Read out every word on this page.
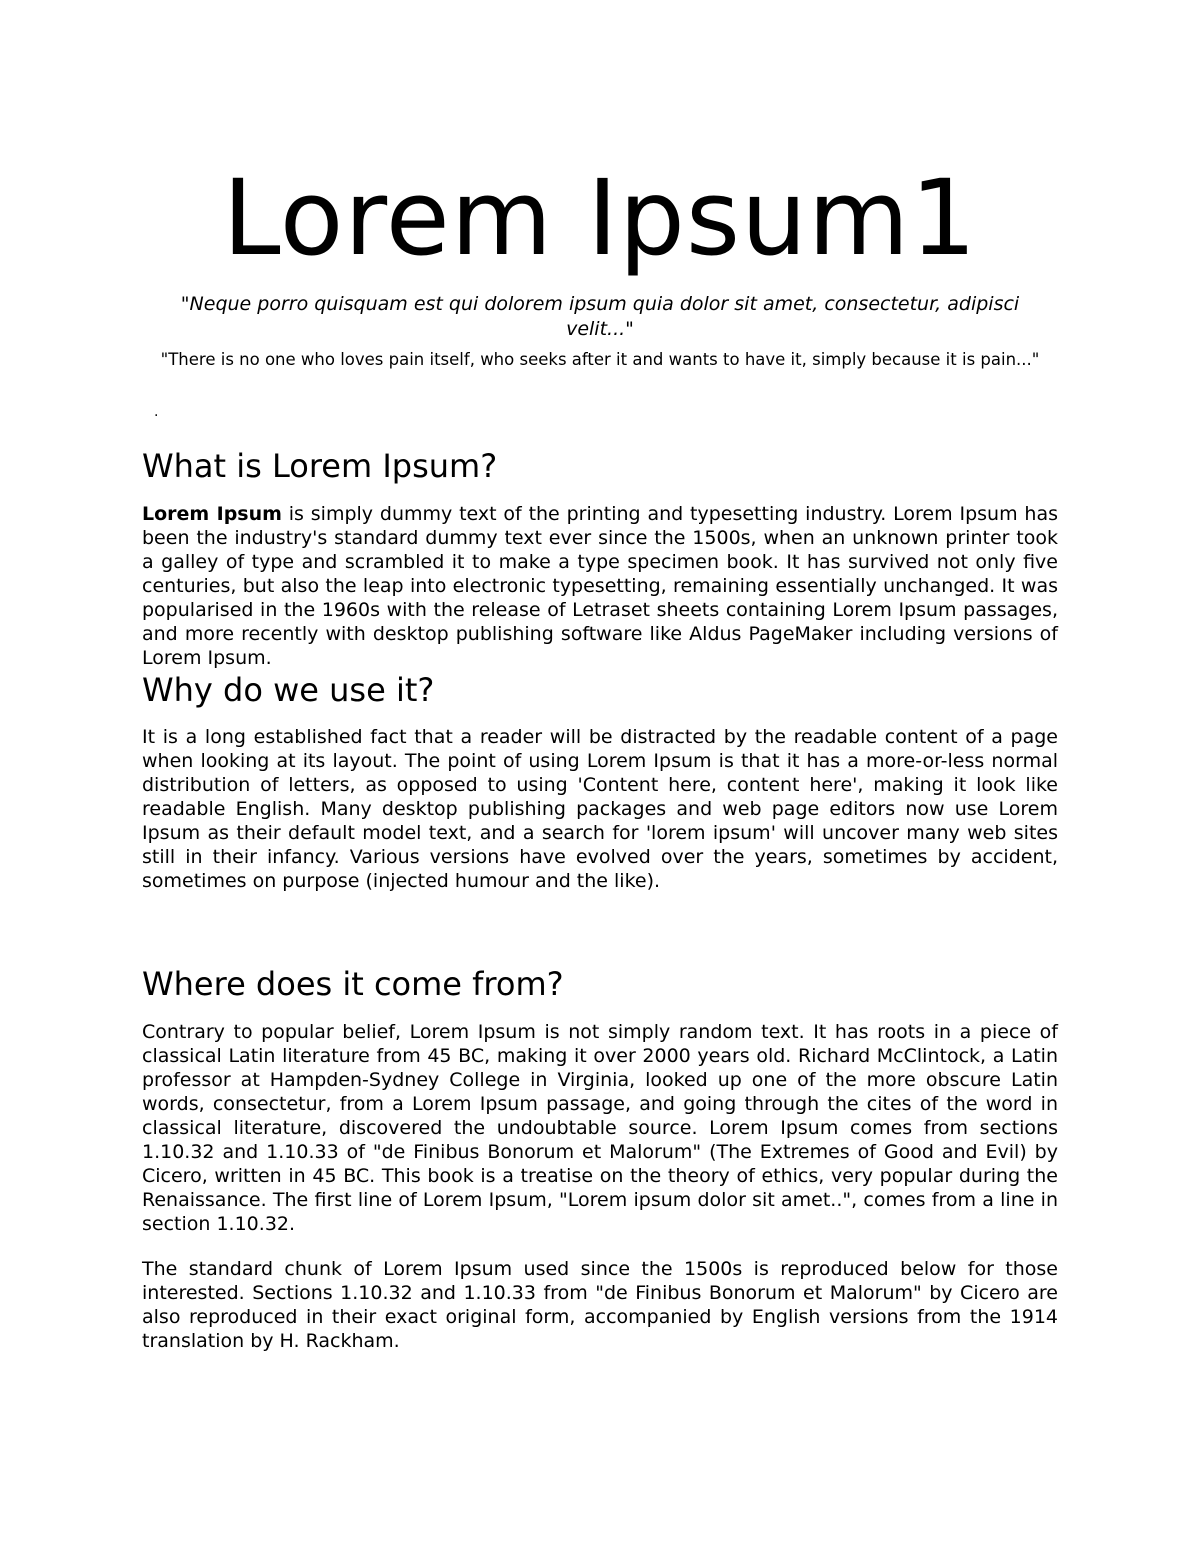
Lorem Ipsum1

"Neque porro quisquam est qui dolorem ipsum quia dolor sit amet, consectetur, adipisci velit..."

"There is no one who loves pain itself, who seeks after it and wants to have it, simply because it is pain..."

.

What is Lorem Ipsum?

Lorem Ipsum is simply dummy text of the printing and typesetting industry. Lorem Ipsum has been the industry's standard dummy text ever since the 1500s, when an unknown printer took a galley of type and scrambled it to make a type specimen book. It has survived not only five centuries, but also the leap into electronic typesetting, remaining essentially unchanged. It was popularised in the 1960s with the release of Letraset sheets containing Lorem Ipsum passages, and more recently with desktop publishing software like Aldus PageMaker including versions of Lorem Ipsum.

Why do we use it?

It is a long established fact that a reader will be distracted by the readable content of a page when looking at its layout. The point of using Lorem Ipsum is that it has a more-or-less normal distribution of letters, as opposed to using 'Content here, content here', making it look like readable English. Many desktop publishing packages and web page editors now use Lorem Ipsum as their default model text, and a search for 'lorem ipsum' will uncover many web sites still in their infancy. Various versions have evolved over the years, sometimes by accident, sometimes on purpose (injected humour and the like).

Where does it come from?

Contrary to popular belief, Lorem Ipsum is not simply random text. It has roots in a piece of classical Latin literature from 45 BC, making it over 2000 years old. Richard McClintock, a Latin professor at Hampden-Sydney College in Virginia, looked up one of the more obscure Latin words, consectetur, from a Lorem Ipsum passage, and going through the cites of the word in classical literature, discovered the undoubtable source. Lorem Ipsum comes from sections 1.10.32 and 1.10.33 of "de Finibus Bonorum et Malorum" (The Extremes of Good and Evil) by Cicero, written in 45 BC. This book is a treatise on the theory of ethics, very popular during the Renaissance. The first line of Lorem Ipsum, "Lorem ipsum dolor sit amet..", comes from a line in section 1.10.32.

The standard chunk of Lorem Ipsum used since the 1500s is reproduced below for those interested. Sections 1.10.32 and 1.10.33 from "de Finibus Bonorum et Malorum" by Cicero are also reproduced in their exact original form, accompanied by English versions from the 1914 translation by H. Rackham.
